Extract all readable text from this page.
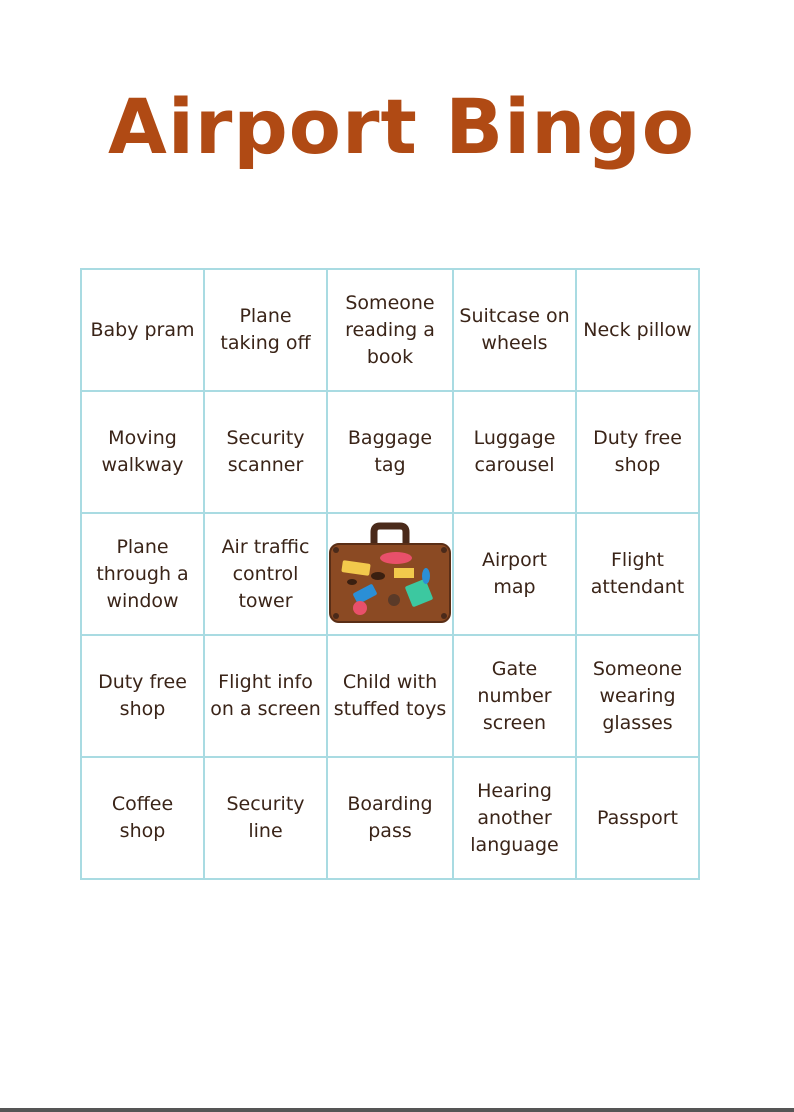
Airport Bingo
Baby pram	Plane taking off	Someone reading a book	Suitcase on wheels	Neck pillow
Moving walkway	Security scanner	Baggage tag	Luggage carousel	Duty free shop
Plane through a window	Air traffic control tower		Airport map	Flight attendant
Duty free shop	Flight info on a screen	Child with stuffed toys	Gate number screen	Someone wearing glasses
Coffee shop	Security line	Boarding pass	Hearing another language	Passport
